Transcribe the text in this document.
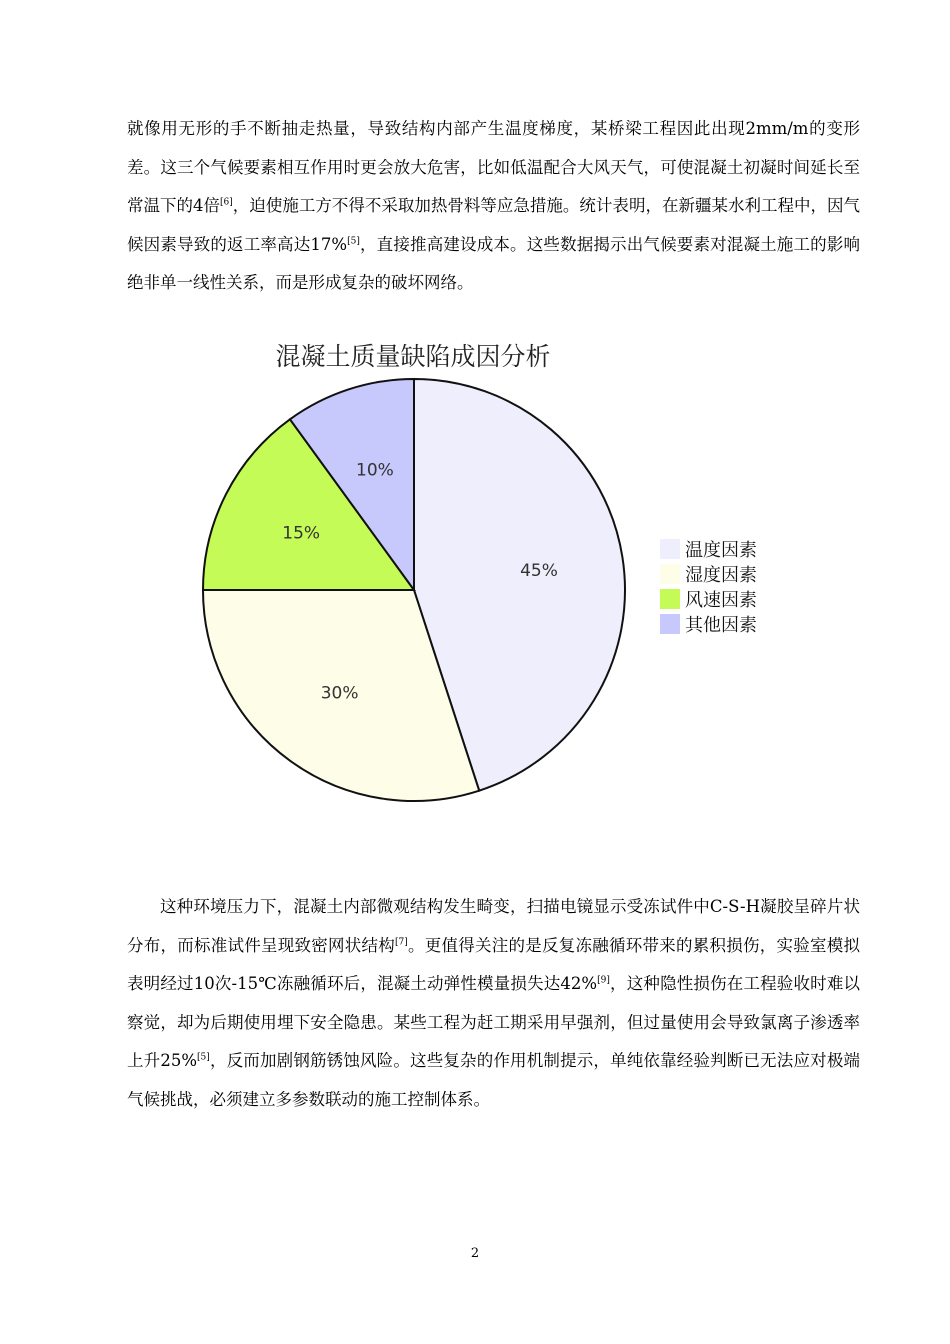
就像用无形的手不断抽走热量，导致结构内部产生温度梯度，某桥梁工程因此出现2mm/m的变形差。这三个气候要素相互作用时更会放大危害，比如低温配合大风天气，可使混凝土初凝时间延长至常温下的4倍[6]，迫使施工方不得不采取加热骨料等应急措施。统计表明，在新疆某水利工程中，因气候因素导致的返工率高达17%[5]，直接推高建设成本。这些数据揭示出气候要素对混凝土施工的影响绝非单一线性关系，而是形成复杂的破坏网络。

混凝土质量缺陷成因分析
45%
30%
15%
10%
温度因素
湿度因素
风速因素
其他因素

这种环境压力下，混凝土内部微观结构发生畸变，扫描电镜显示受冻试件中C-S-H凝胶呈碎片状分布，而标准试件呈现致密网状结构[7]。更值得关注的是反复冻融循环带来的累积损伤，实验室模拟表明经过10次-15℃冻融循环后，混凝土动弹性模量损失达42%[9]，这种隐性损伤在工程验收时难以察觉，却为后期使用埋下安全隐患。某些工程为赶工期采用早强剂，但过量使用会导致氯离子渗透率上升25%[5]，反而加剧钢筋锈蚀风险。这些复杂的作用机制提示，单纯依靠经验判断已无法应对极端气候挑战，必须建立多参数联动的施工控制体系。

2
